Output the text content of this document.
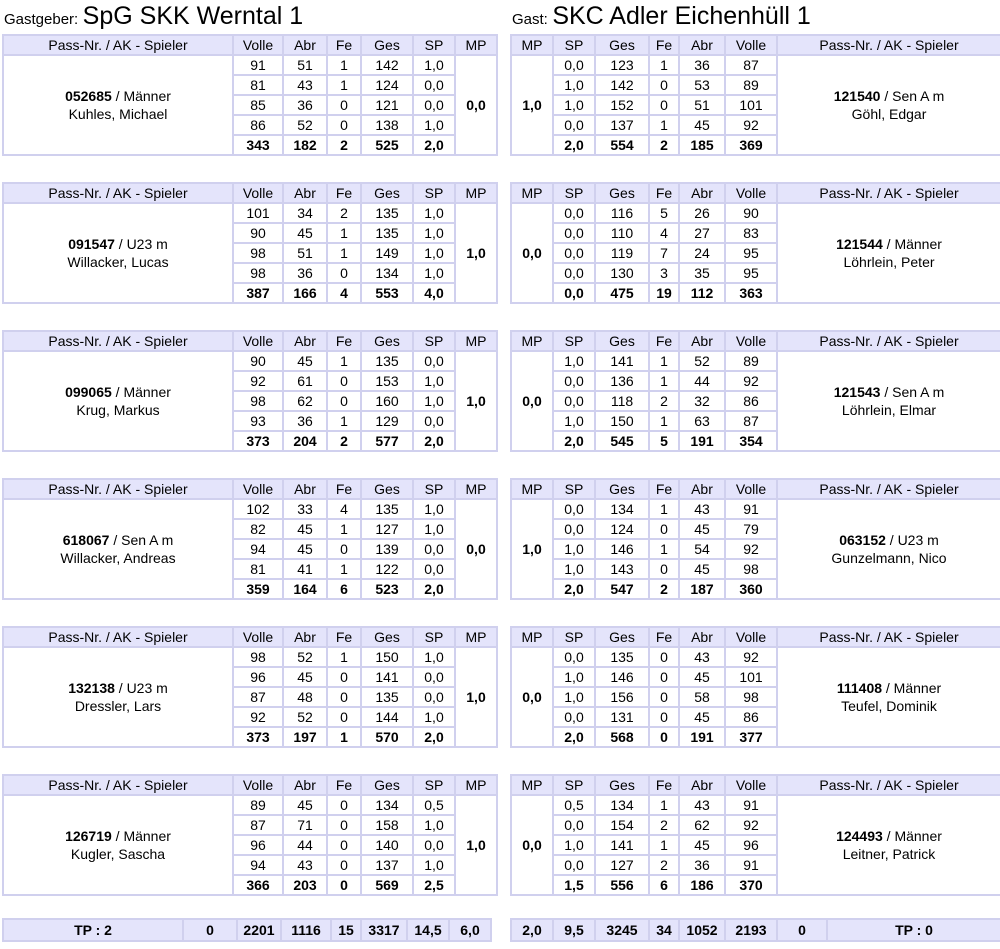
Gastgeber: SpG SKK Werntal 1	Gast: SKC Adler Eichenhüll 1
Pass-Nr. / AK - Spieler	Volle	Abr	Fe	Ges	SP	MP
052685 / Männer
Kuhles, Michael	91	51	1	142	1,0	0,0
	81	43	1	124	0,0	
	85	36	0	121	0,0	
	86	52	0	138	1,0	
	343	182	2	525	2,0	
MP	SP	Ges	Fe	Abr	Volle	Pass-Nr. / AK - Spieler
1,0	0,0	123	1	36	87	121540 / Sen A m
Göhl, Edgar
	1,0	142	0	53	89	
	1,0	152	0	51	101	
	0,0	137	1	45	92	
	2,0	554	2	185	369	
Pass-Nr. / AK - Spieler	Volle	Abr	Fe	Ges	SP	MP
091547 / U23 m
Willacker, Lucas	101	34	2	135	1,0	1,0
	90	45	1	135	1,0	
	98	51	1	149	1,0	
	98	36	0	134	1,0	
	387	166	4	553	4,0	
MP	SP	Ges	Fe	Abr	Volle	Pass-Nr. / AK - Spieler
0,0	0,0	116	5	26	90	121544 / Männer
Löhrlein, Peter
	0,0	110	4	27	83	
	0,0	119	7	24	95	
	0,0	130	3	35	95	
	0,0	475	19	112	363	
Pass-Nr. / AK - Spieler	Volle	Abr	Fe	Ges	SP	MP
099065 / Männer
Krug, Markus	90	45	1	135	0,0	1,0
	92	61	0	153	1,0	
	98	62	0	160	1,0	
	93	36	1	129	0,0	
	373	204	2	577	2,0	
MP	SP	Ges	Fe	Abr	Volle	Pass-Nr. / AK - Spieler
0,0	1,0	141	1	52	89	121543 / Sen A m
Löhrlein, Elmar
	0,0	136	1	44	92	
	0,0	118	2	32	86	
	1,0	150	1	63	87	
	2,0	545	5	191	354	
Pass-Nr. / AK - Spieler	Volle	Abr	Fe	Ges	SP	MP
618067 / Sen A m
Willacker, Andreas	102	33	4	135	1,0	0,0
	82	45	1	127	1,0	
	94	45	0	139	0,0	
	81	41	1	122	0,0	
	359	164	6	523	2,0	
MP	SP	Ges	Fe	Abr	Volle	Pass-Nr. / AK - Spieler
1,0	0,0	134	1	43	91	063152 / U23 m
Gunzelmann, Nico
	0,0	124	0	45	79	
	1,0	146	1	54	92	
	1,0	143	0	45	98	
	2,0	547	2	187	360	
Pass-Nr. / AK - Spieler	Volle	Abr	Fe	Ges	SP	MP
132138 / U23 m
Dressler, Lars	98	52	1	150	1,0	1,0
	96	45	0	141	0,0	
	87	48	0	135	0,0	
	92	52	0	144	1,0	
	373	197	1	570	2,0	
MP	SP	Ges	Fe	Abr	Volle	Pass-Nr. / AK - Spieler
0,0	0,0	135	0	43	92	111408 / Männer
Teufel, Dominik
	1,0	146	0	45	101	
	1,0	156	0	58	98	
	0,0	131	0	45	86	
	2,0	568	0	191	377	
Pass-Nr. / AK - Spieler	Volle	Abr	Fe	Ges	SP	MP
126719 / Männer
Kugler, Sascha	89	45	0	134	0,5	1,0
	87	71	0	158	1,0	
	96	44	0	140	0,0	
	94	43	0	137	1,0	
	366	203	0	569	2,5	
MP	SP	Ges	Fe	Abr	Volle	Pass-Nr. / AK - Spieler
0,0	0,5	134	1	43	91	124493 / Männer
Leitner, Patrick
	0,0	154	2	62	92	
	1,0	141	1	45	96	
	0,0	127	2	36	91	
	1,5	556	6	186	370	
TP : 2	0	2201	1116	15	3317	14,5	6,0	2,0	9,5	3245	34	1052	2193	0	TP : 0
